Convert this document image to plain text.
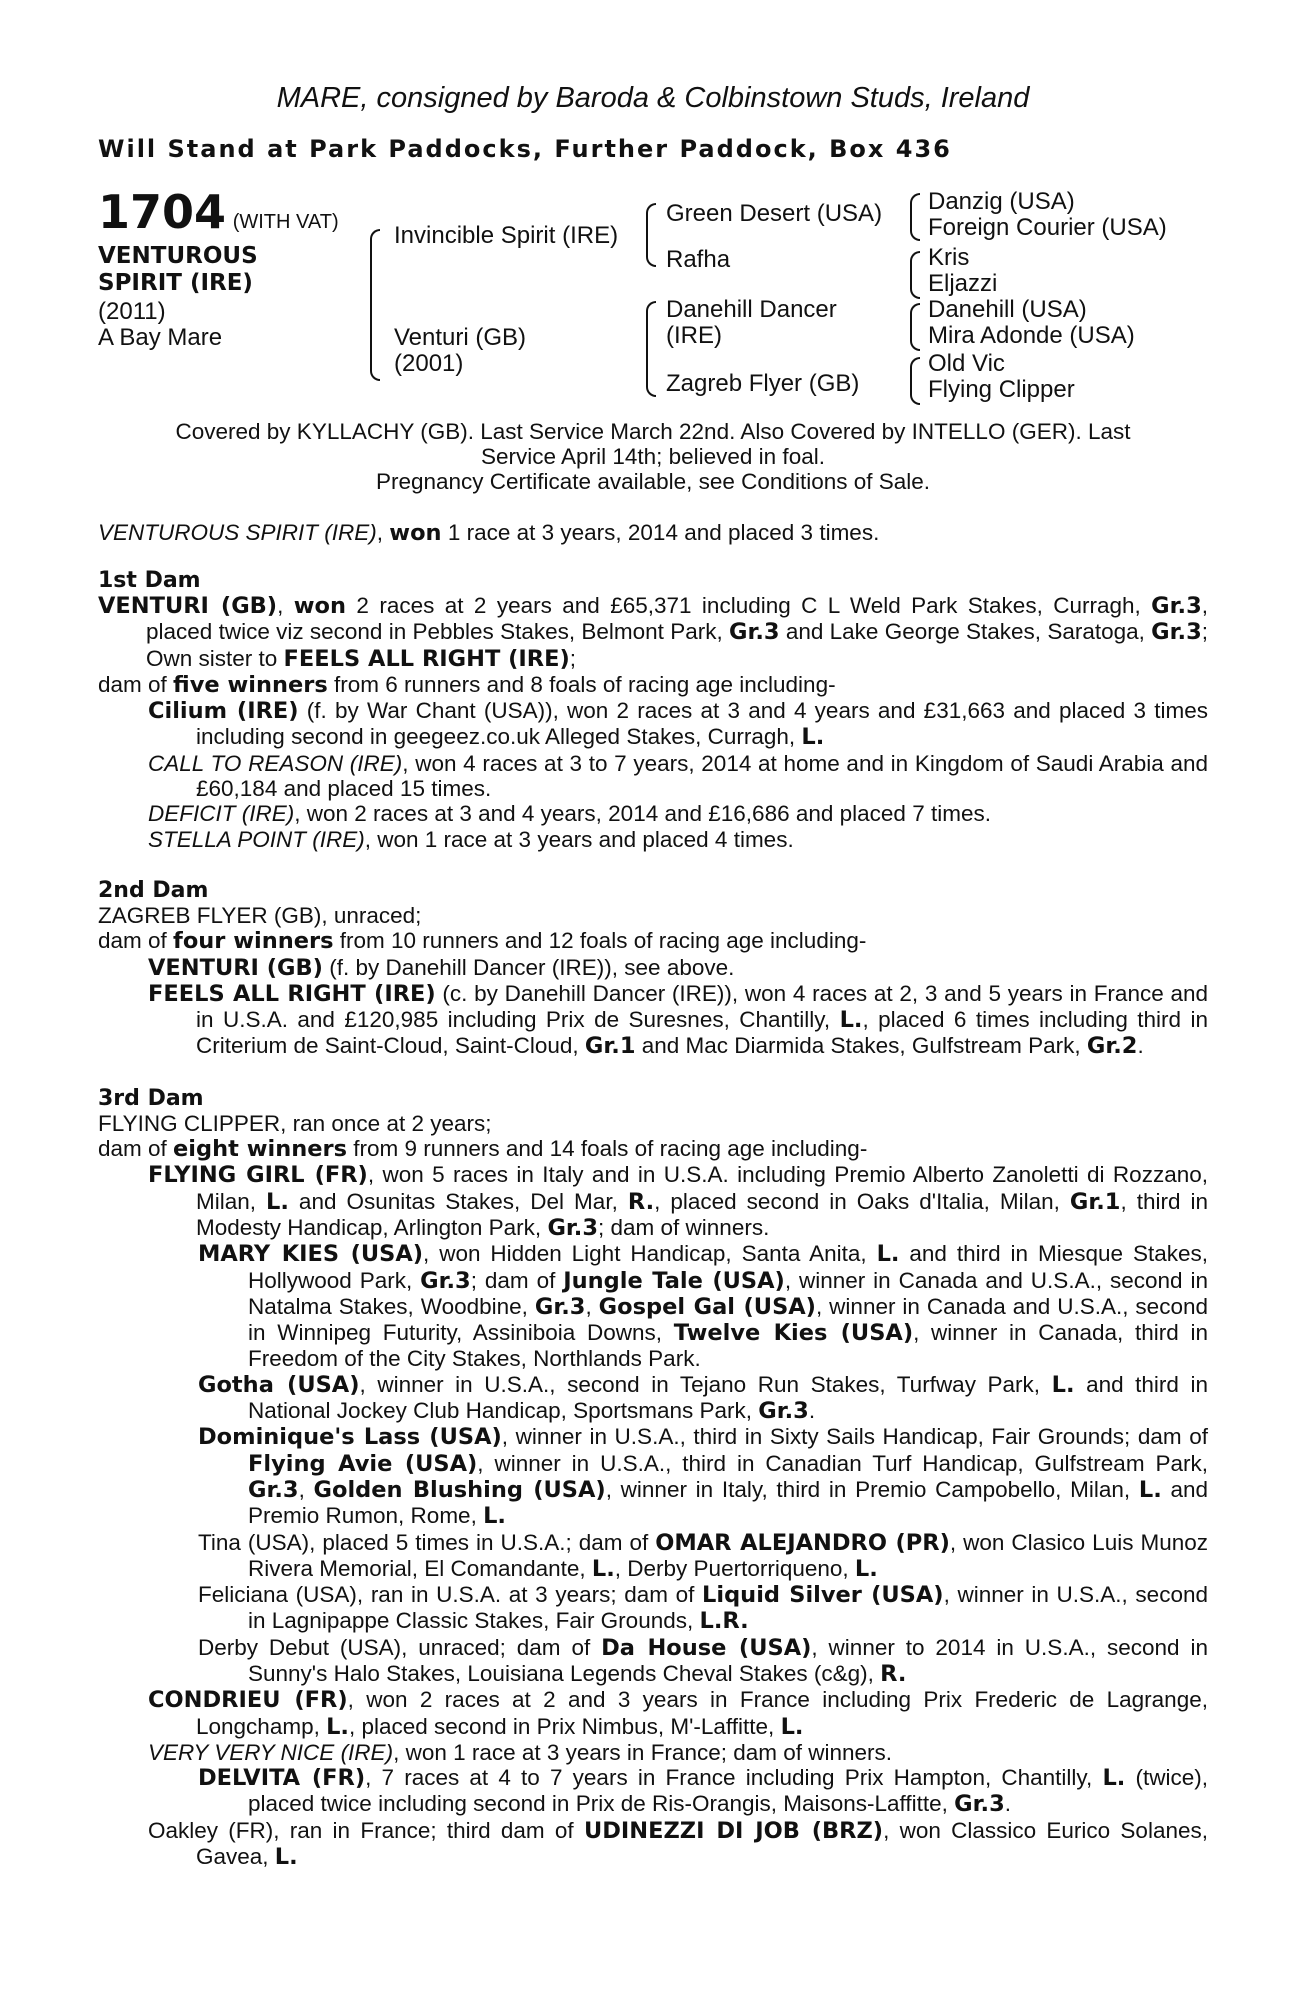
MARE, consigned by Baroda & Colbinstown Studs, Ireland
Will Stand at Park Paddocks, Further Paddock, Box 436
1704 (WITH VAT)
VENTUROUS
SPIRIT (IRE)
(2011)
A Bay Mare
Invincible Spirit (IRE)
Venturi (GB)
(2001)
Green Desert (USA)
Rafha
Danehill Dancer
(IRE)
Zagreb Flyer (GB)
Danzig (USA)
Foreign Courier (USA)
Kris
Eljazzi
Danehill (USA)
Mira Adonde (USA)
Old Vic
Flying Clipper
Covered by KYLLACHY (GB). Last Service March 22nd. Also Covered by INTELLO (GER). Last
Service April 14th; believed in foal.
Pregnancy Certificate available, see Conditions of Sale.
VENTUROUS SPIRIT (IRE), won 1 race at 3 years, 2014 and placed 3 times.
1st Dam
VENTURI (GB), won 2 races at 2 years and £65,371 including C L Weld Park Stakes, Curragh, Gr.3, placed twice viz second in Pebbles Stakes, Belmont Park, Gr.3 and Lake George Stakes, Saratoga, Gr.3; Own sister to FEELS ALL RIGHT (IRE);
dam of five winners from 6 runners and 8 foals of racing age including-
Cilium (IRE) (f. by War Chant (USA)), won 2 races at 3 and 4 years and £31,663 and placed 3 times including second in geegeez.co.uk Alleged Stakes, Curragh, L.
CALL TO REASON (IRE), won 4 races at 3 to 7 years, 2014 at home and in Kingdom of Saudi Arabia and £60,184 and placed 15 times.
DEFICIT (IRE), won 2 races at 3 and 4 years, 2014 and £16,686 and placed 7 times.
STELLA POINT (IRE), won 1 race at 3 years and placed 4 times.
2nd Dam
ZAGREB FLYER (GB), unraced;
dam of four winners from 10 runners and 12 foals of racing age including-
VENTURI (GB) (f. by Danehill Dancer (IRE)), see above.
FEELS ALL RIGHT (IRE) (c. by Danehill Dancer (IRE)), won 4 races at 2, 3 and 5 years in France and in U.S.A. and £120,985 including Prix de Suresnes, Chantilly, L., placed 6 times including third in Criterium de Saint-Cloud, Saint-Cloud, Gr.1 and Mac Diarmida Stakes, Gulfstream Park, Gr.2.
3rd Dam
FLYING CLIPPER, ran once at 2 years;
dam of eight winners from 9 runners and 14 foals of racing age including-
FLYING GIRL (FR), won 5 races in Italy and in U.S.A. including Premio Alberto Zanoletti di Rozzano, Milan, L. and Osunitas Stakes, Del Mar, R., placed second in Oaks d'Italia, Milan, Gr.1, third in Modesty Handicap, Arlington Park, Gr.3; dam of winners.
MARY KIES (USA), won Hidden Light Handicap, Santa Anita, L. and third in Miesque Stakes, Hollywood Park, Gr.3; dam of Jungle Tale (USA), winner in Canada and U.S.A., second in Natalma Stakes, Woodbine, Gr.3, Gospel Gal (USA), winner in Canada and U.S.A., second in Winnipeg Futurity, Assiniboia Downs, Twelve Kies (USA), winner in Canada, third in Freedom of the City Stakes, Northlands Park.
Gotha (USA), winner in U.S.A., second in Tejano Run Stakes, Turfway Park, L. and third in National Jockey Club Handicap, Sportsmans Park, Gr.3.
Dominique's Lass (USA), winner in U.S.A., third in Sixty Sails Handicap, Fair Grounds; dam of Flying Avie (USA), winner in U.S.A., third in Canadian Turf Handicap, Gulfstream Park, Gr.3, Golden Blushing (USA), winner in Italy, third in Premio Campobello, Milan, L. and Premio Rumon, Rome, L.
Tina (USA), placed 5 times in U.S.A.; dam of OMAR ALEJANDRO (PR), won Clasico Luis Munoz Rivera Memorial, El Comandante, L., Derby Puertorriqueno, L.
Feliciana (USA), ran in U.S.A. at 3 years; dam of Liquid Silver (USA), winner in U.S.A., second in Lagnipappe Classic Stakes, Fair Grounds, L.R.
Derby Debut (USA), unraced; dam of Da House (USA), winner to 2014 in U.S.A., second in Sunny's Halo Stakes, Louisiana Legends Cheval Stakes (c&g), R.
CONDRIEU (FR), won 2 races at 2 and 3 years in France including Prix Frederic de Lagrange, Longchamp, L., placed second in Prix Nimbus, M'-Laffitte, L.
VERY VERY NICE (IRE), won 1 race at 3 years in France; dam of winners.
DELVITA (FR), 7 races at 4 to 7 years in France including Prix Hampton, Chantilly, L. (twice), placed twice including second in Prix de Ris-Orangis, Maisons-Laffitte, Gr.3.
Oakley (FR), ran in France; third dam of UDINEZZI DI JOB (BRZ), won Classico Eurico Solanes, Gavea, L.
